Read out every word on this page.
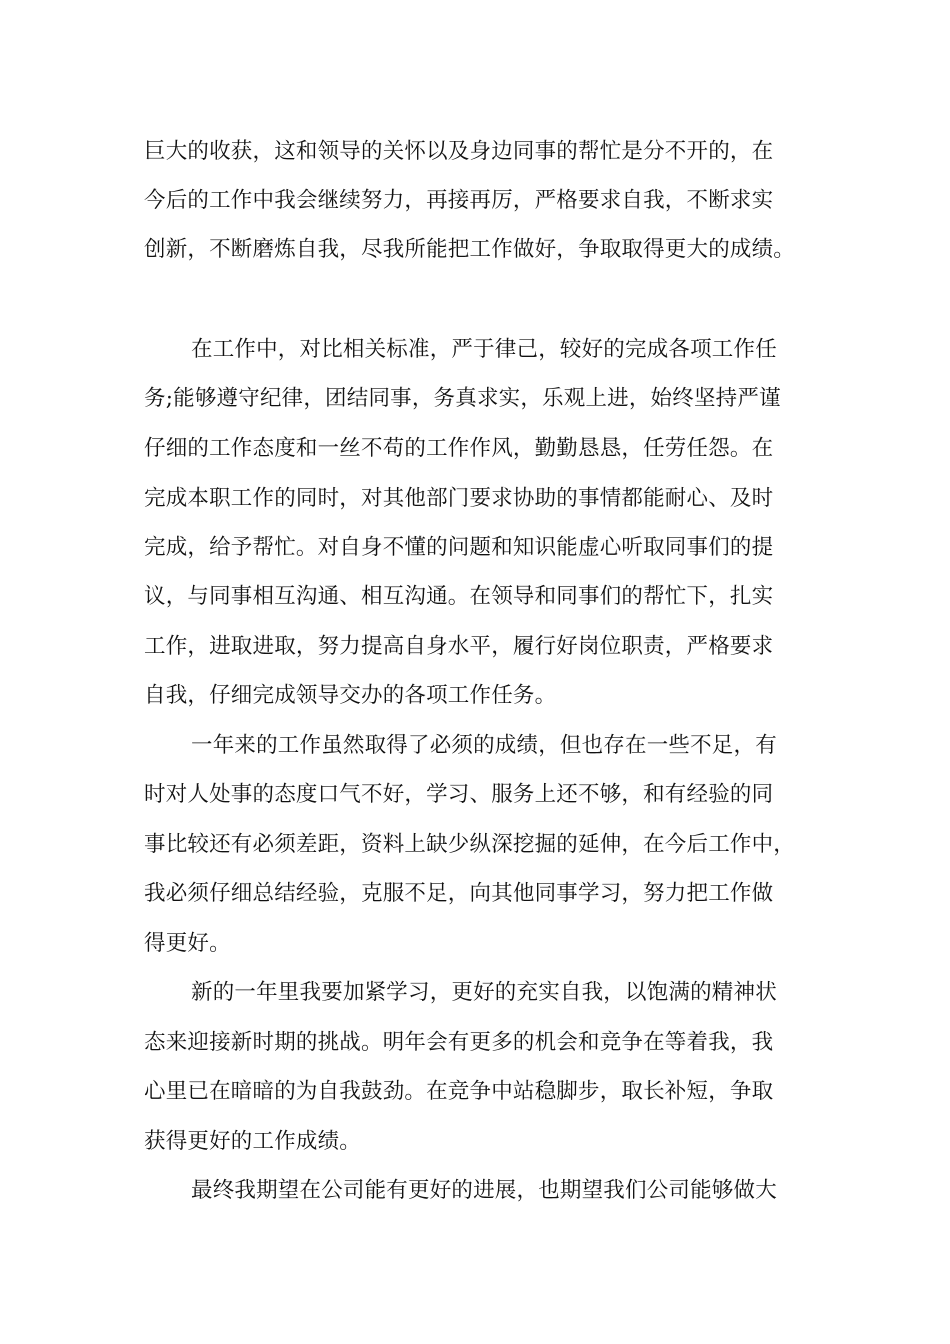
巨大的收获，这和领导的关怀以及身边同事的帮忙是分不开的，在
今后的工作中我会继续努力，再接再厉，严格要求自我，不断求实
创新，不断磨炼自我，尽我所能把工作做好，争取取得更大的成绩。
在工作中，对比相关标准，严于律己，较好的完成各项工作任
务;能够遵守纪律，团结同事，务真求实，乐观上进，始终坚持严谨
仔细的工作态度和一丝不苟的工作作风，勤勤恳恳，任劳任怨。在
完成本职工作的同时，对其他部门要求协助的事情都能耐心、及时
完成，给予帮忙。对自身不懂的问题和知识能虚心听取同事们的提
议，与同事相互沟通、相互沟通。在领导和同事们的帮忙下，扎实
工作，进取进取，努力提高自身水平，履行好岗位职责，严格要求
自我，仔细完成领导交办的各项工作任务。
一年来的工作虽然取得了必须的成绩，但也存在一些不足，有
时对人处事的态度口气不好，学习、服务上还不够，和有经验的同
事比较还有必须差距，资料上缺少纵深挖掘的延伸，在今后工作中，
我必须仔细总结经验，克服不足，向其他同事学习，努力把工作做
得更好。
新的一年里我要加紧学习，更好的充实自我，以饱满的精神状
态来迎接新时期的挑战。明年会有更多的机会和竞争在等着我，我
心里已在暗暗的为自我鼓劲。在竞争中站稳脚步，取长补短，争取
获得更好的工作成绩。
最终我期望在公司能有更好的进展，也期望我们公司能够做大
